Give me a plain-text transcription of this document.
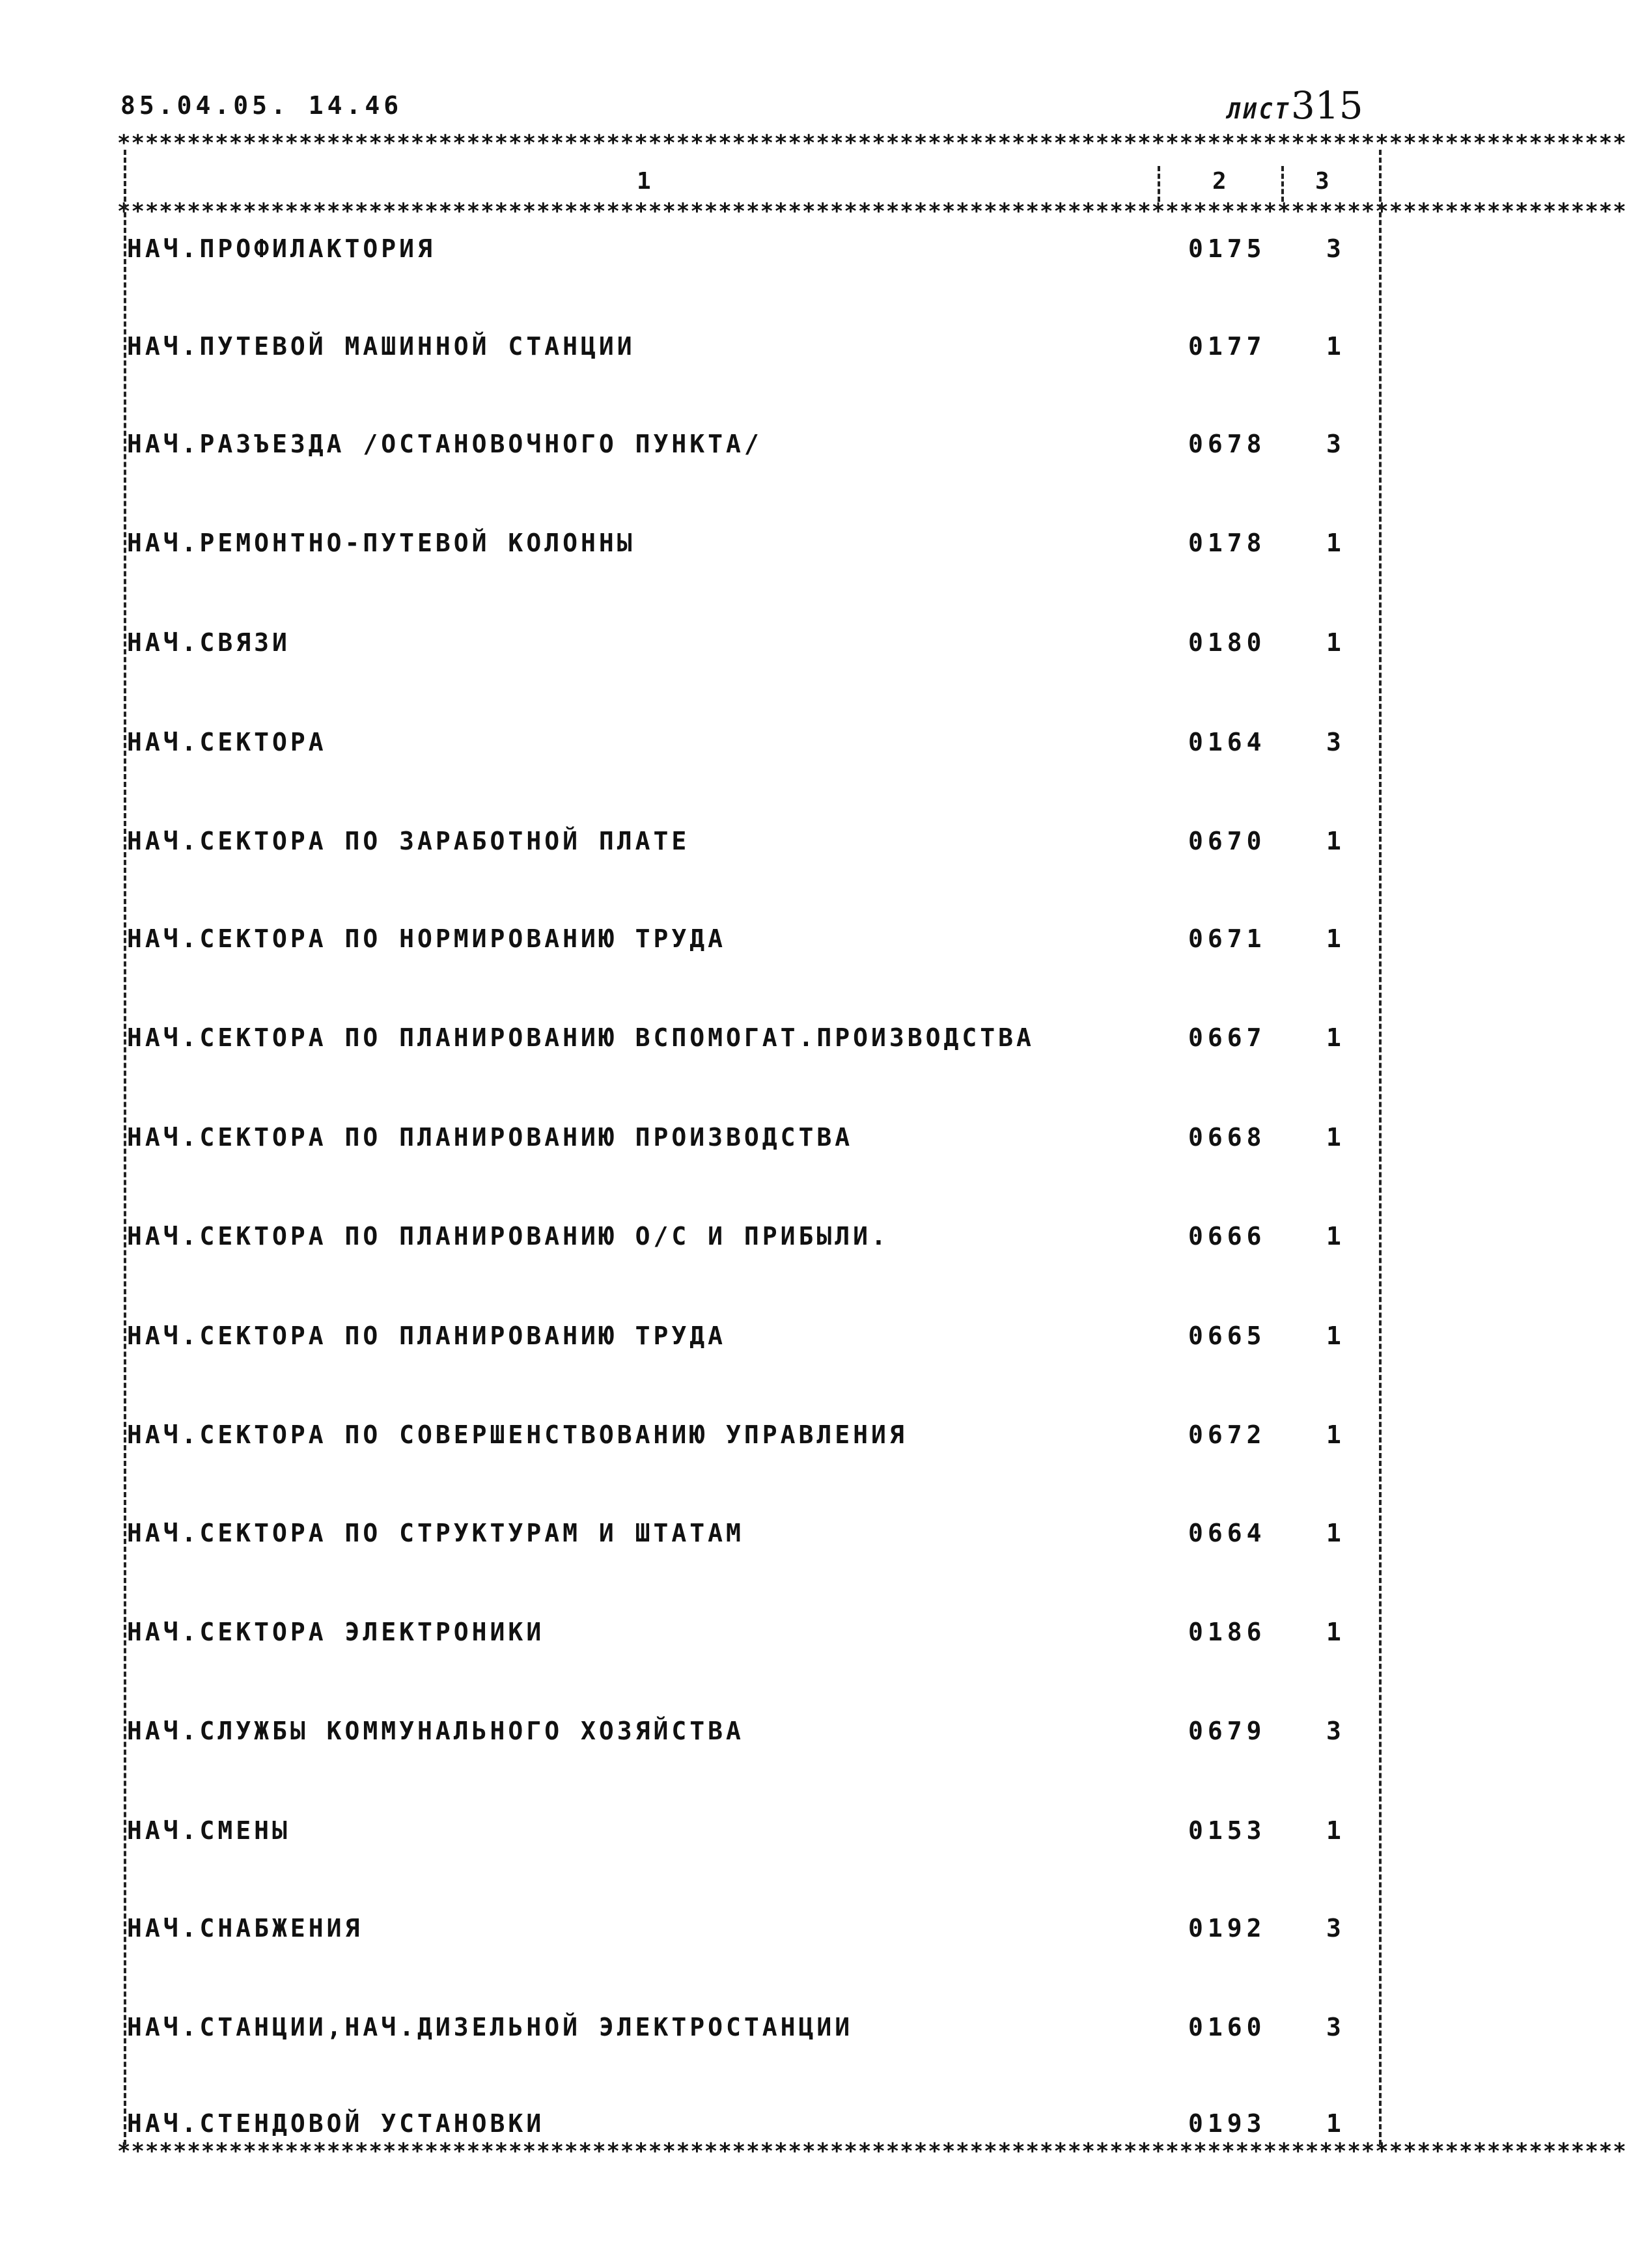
85.04.05. 14.46	ЛИСТ315
************************************************************************************************************
************************************************************************************************************
************************************************************************************************************
1	2	3
НАЧ.ПРОФИЛАКТОРИЯ	0175 3
НАЧ.ПУТЕВОЙ МАШИННОЙ СТАНЦИИ	0177 1
НАЧ.РАЗЪЕЗДА /ОСТАНОВОЧНОГО ПУНКТА/	0678 3
НАЧ.РЕМОНТНО-ПУТЕВОЙ КОЛОННЫ	0178 1
НАЧ.СВЯЗИ	0180 1
НАЧ.СЕКТОРА	0164 3
НАЧ.СЕКТОРА ПО ЗАРАБОТНОЙ ПЛАТЕ	0670 1
НАЧ.СЕКТОРА ПО НОРМИРОВАНИЮ ТРУДА	0671 1
НАЧ.СЕКТОРА ПО ПЛАНИРОВАНИЮ ВСПОМОГАТ.ПРОИЗВОДСТВА	0667 1
НАЧ.СЕКТОРА ПО ПЛАНИРОВАНИЮ ПРОИЗВОДСТВА	0668 1
НАЧ.СЕКТОРА ПО ПЛАНИРОВАНИЮ О/С И ПРИБЫЛИ.	0666 1
НАЧ.СЕКТОРА ПО ПЛАНИРОВАНИЮ ТРУДА	0665 1
НАЧ.СЕКТОРА ПО СОВЕРШЕНСТВОВАНИЮ УПРАВЛЕНИЯ	0672 1
НАЧ.СЕКТОРА ПО СТРУКТУРАМ И ШТАТАМ	0664 1
НАЧ.СЕКТОРА ЭЛЕКТРОНИКИ	0186 1
НАЧ.СЛУЖБЫ КОММУНАЛЬНОГО ХОЗЯЙСТВА	0679 3
НАЧ.СМЕНЫ	0153 1
НАЧ.СНАБЖЕНИЯ	0192 3
НАЧ.СТАНЦИИ,НАЧ.ДИЗЕЛЬНОЙ ЭЛЕКТРОСТАНЦИИ	0160 3
НАЧ.СТЕНДОВОЙ УСТАНОВКИ	0193 1
